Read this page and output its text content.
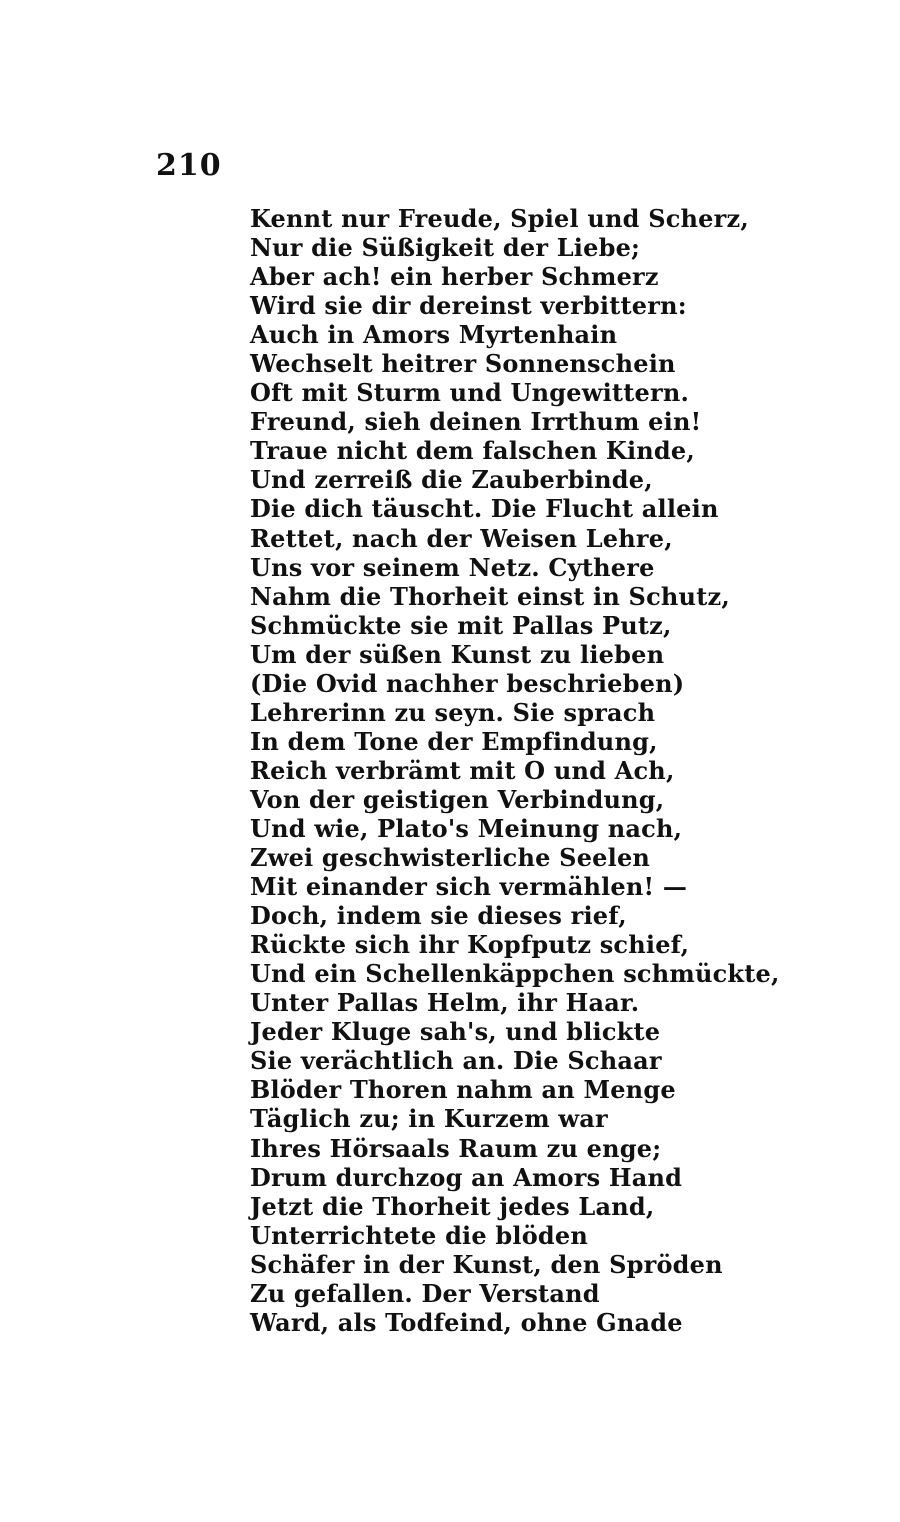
210
Kennt nur Freude, Spiel und Scherz,
Nur die Süßigkeit der Liebe;
Aber ach! ein herber Schmerz
Wird sie dir dereinst verbittern:
Auch in Amors Myrtenhain
Wechselt heitrer Sonnenschein
Oft mit Sturm und Ungewittern.
Freund, sieh deinen Irrthum ein!
Traue nicht dem falschen Kinde,
Und zerreiß die Zauberbinde,
Die dich täuscht. Die Flucht allein
Rettet, nach der Weisen Lehre,
Uns vor seinem Netz. Cythere
Nahm die Thorheit einst in Schutz,
Schmückte sie mit Pallas Putz,
Um der süßen Kunst zu lieben
(Die Ovid nachher beschrieben)
Lehrerinn zu seyn. Sie sprach
In dem Tone der Empfindung,
Reich verbrämt mit O und Ach,
Von der geistigen Verbindung,
Und wie, Plato's Meinung nach,
Zwei geschwisterliche Seelen
Mit einander sich vermählen! —
Doch, indem sie dieses rief,
Rückte sich ihr Kopfputz schief,
Und ein Schellenkäppchen schmückte,
Unter Pallas Helm, ihr Haar.
Jeder Kluge sah's, und blickte
Sie verächtlich an. Die Schaar
Blöder Thoren nahm an Menge
Täglich zu; in Kurzem war
Ihres Hörsaals Raum zu enge;
Drum durchzog an Amors Hand
Jetzt die Thorheit jedes Land,
Unterrichtete die blöden
Schäfer in der Kunst, den Spröden
Zu gefallen. Der Verstand
Ward, als Todfeind, ohne Gnade
